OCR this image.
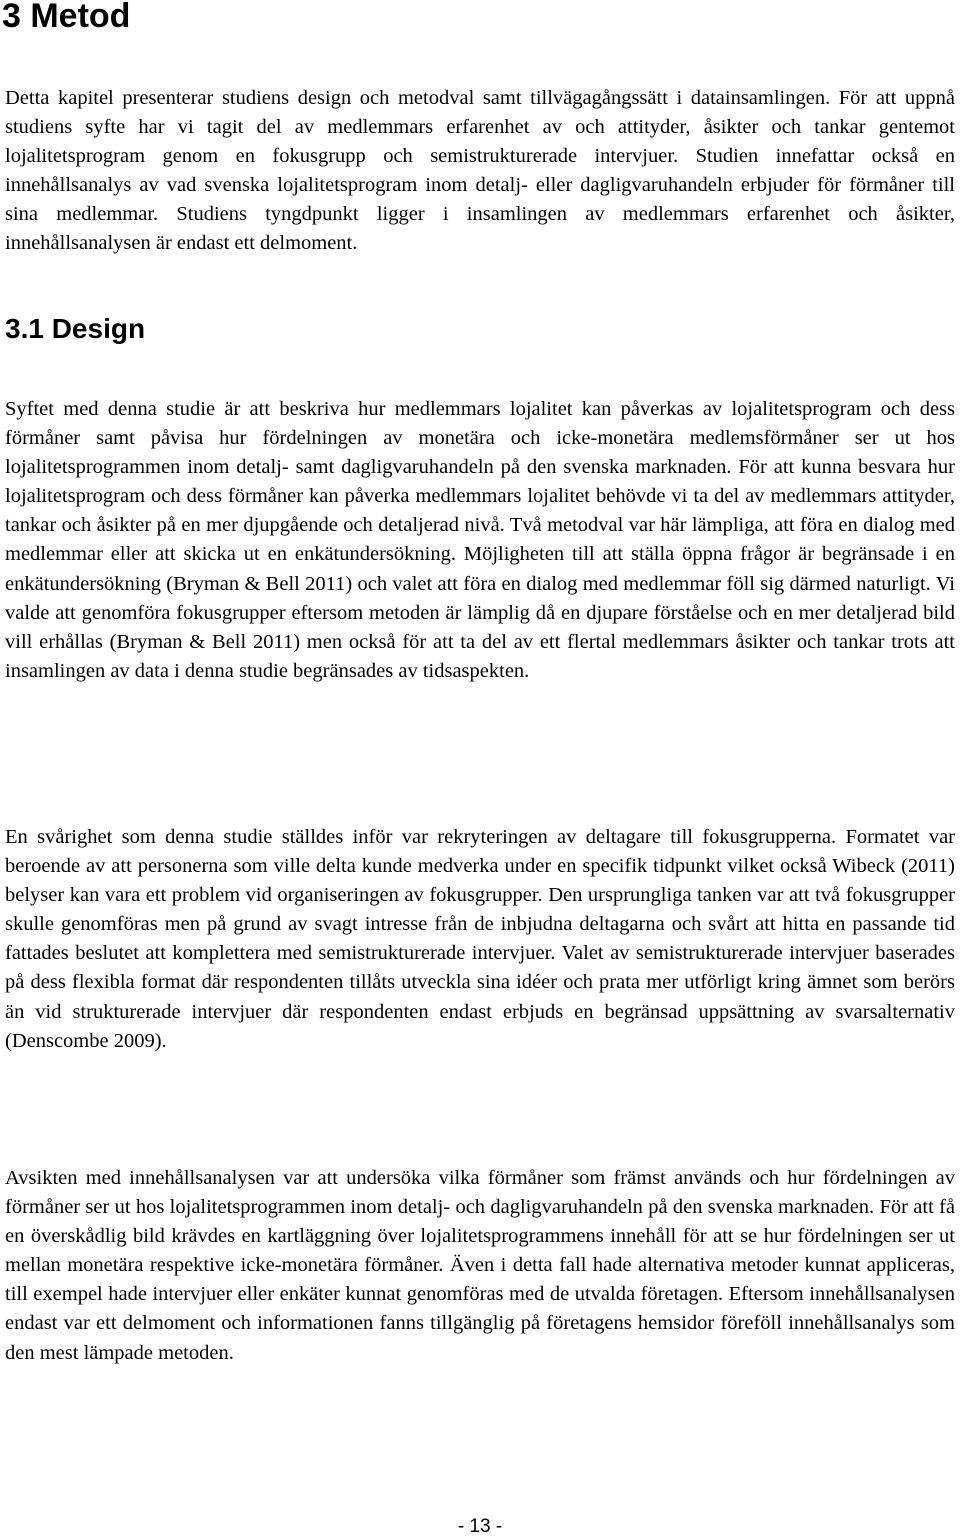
3 Metod

Detta kapitel presenterar studiens design och metodval samt tillvägagångssätt i datainsamlingen. För att uppnå studiens syfte har vi tagit del av medlemmars erfarenhet av och attityder, åsikter och tankar gentemot lojalitetsprogram genom en fokusgrupp och semistrukturerade intervjuer. Studien innefattar också en innehållsanalys av vad svenska lojalitetsprogram inom detalj- eller dagligvaruhandeln erbjuder för förmåner till sina medlemmar. Studiens tyngdpunkt ligger i insamlingen av medlemmars erfarenhet och åsikter, innehållsanalysen är endast ett delmoment.

3.1 Design

Syftet med denna studie är att beskriva hur medlemmars lojalitet kan påverkas av lojalitetsprogram och dess förmåner samt påvisa hur fördelningen av monetära och icke-monetära medlemsförmåner ser ut hos lojalitetsprogrammen inom detalj- samt dagligvaruhandeln på den svenska marknaden. För att kunna besvara hur lojalitetsprogram och dess förmåner kan påverka medlemmars lojalitet behövde vi ta del av medlemmars attityder, tankar och åsikter på en mer djupgående och detaljerad nivå. Två metodval var här lämpliga, att föra en dialog med medlemmar eller att skicka ut en enkätundersökning. Möjligheten till att ställa öppna frågor är begränsade i en enkätundersökning (Bryman & Bell 2011) och valet att föra en dialog med medlemmar föll sig därmed naturligt. Vi valde att genomföra fokusgrupper eftersom metoden är lämplig då en djupare förståelse och en mer detaljerad bild vill erhållas (Bryman & Bell 2011) men också för att ta del av ett flertal medlemmars åsikter och tankar trots att insamlingen av data i denna studie begränsades av tidsaspekten.

En svårighet som denna studie ställdes inför var rekryteringen av deltagare till fokusgrupperna. Formatet var beroende av att personerna som ville delta kunde medverka under en specifik tidpunkt vilket också Wibeck (2011) belyser kan vara ett problem vid organiseringen av fokusgrupper. Den ursprungliga tanken var att två fokusgrupper skulle genomföras men på grund av svagt intresse från de inbjudna deltagarna och svårt att hitta en passande tid fattades beslutet att komplettera med semistrukturerade intervjuer. Valet av semistrukturerade intervjuer baserades på dess flexibla format där respondenten tillåts utveckla sina idéer och prata mer utförligt kring ämnet som berörs än vid strukturerade intervjuer där respondenten endast erbjuds en begränsad uppsättning av svarsalternativ (Denscombe 2009).

Avsikten med innehållsanalysen var att undersöka vilka förmåner som främst används och hur fördelningen av förmåner ser ut hos lojalitetsprogrammen inom detalj- och dagligvaruhandeln på den svenska marknaden. För att få en överskådlig bild krävdes en kartläggning över lojalitetsprogrammens innehåll för att se hur fördelningen ser ut mellan monetära respektive icke-monetära förmåner. Även i detta fall hade alternativa metoder kunnat appliceras, till exempel hade intervjuer eller enkäter kunnat genomföras med de utvalda företagen. Eftersom innehållsanalysen endast var ett delmoment och informationen fanns tillgänglig på företagens hemsidor föreföll innehållsanalys som den mest lämpade metoden.

- 13 -
